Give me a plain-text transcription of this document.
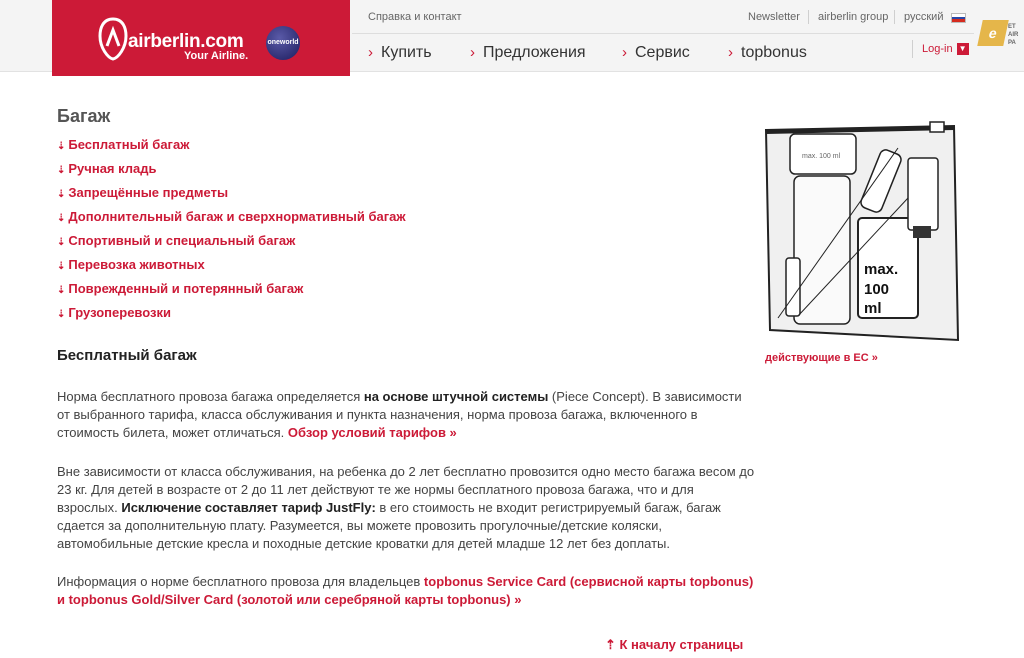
airberlin.com
Your Airline.
oneworld
Справка и контакт	Newsletter airberlin group русский
› Купить	› Предложения › Сервис	› topbonus	Log-in ▼
e	ET
AIR
PA
Багаж
⇣ Бесплатный багаж
⇣ Ручная кладь
⇣ Запрещённые предметы
⇣ Дополнительный багаж и сверхнормативный багаж
⇣ Спортивный и специальный багаж
⇣ Перевозка животных
⇣ Поврежденный и потерянный багаж
⇣ Грузоперевозки
Бесплатный багаж

Норма бесплатного провоза багажа определяется на основе штучной системы (Piece Concept). В зависимости от выбранного тарифа, класса обслуживания и пункта назначения, норма провоза багажа, включенного в стоимость билета, может отличаться. Обзор условий тарифов »

Вне зависимости от класса обслуживания, на ребенка до 2 лет бесплатно провозится одно место багажа весом до 23 кг. Для детей в возрасте от 2 до 11 лет действуют те же нормы бесплатного провоза багажа, что и для взрослых. Исключение составляет тариф JustFly: в его стоимость не входит регистрируемый багаж, багаж сдается за дополнительную плату. Разумеется, вы можете провозить прогулочные/детские коляски, автомобильные детские кресла и походные детские кроватки для детей младше 12 лет без доплаты.

Информация о норме бесплатного провоза для владельцев topbonus Service Card (сервисной карты topbonus) и topbonus Gold/Silver Card (золотой или серебряной карты topbonus) »

⇡ К началу страницы
max. 100 ml
max.
100
ml
действующие в ЕС »
